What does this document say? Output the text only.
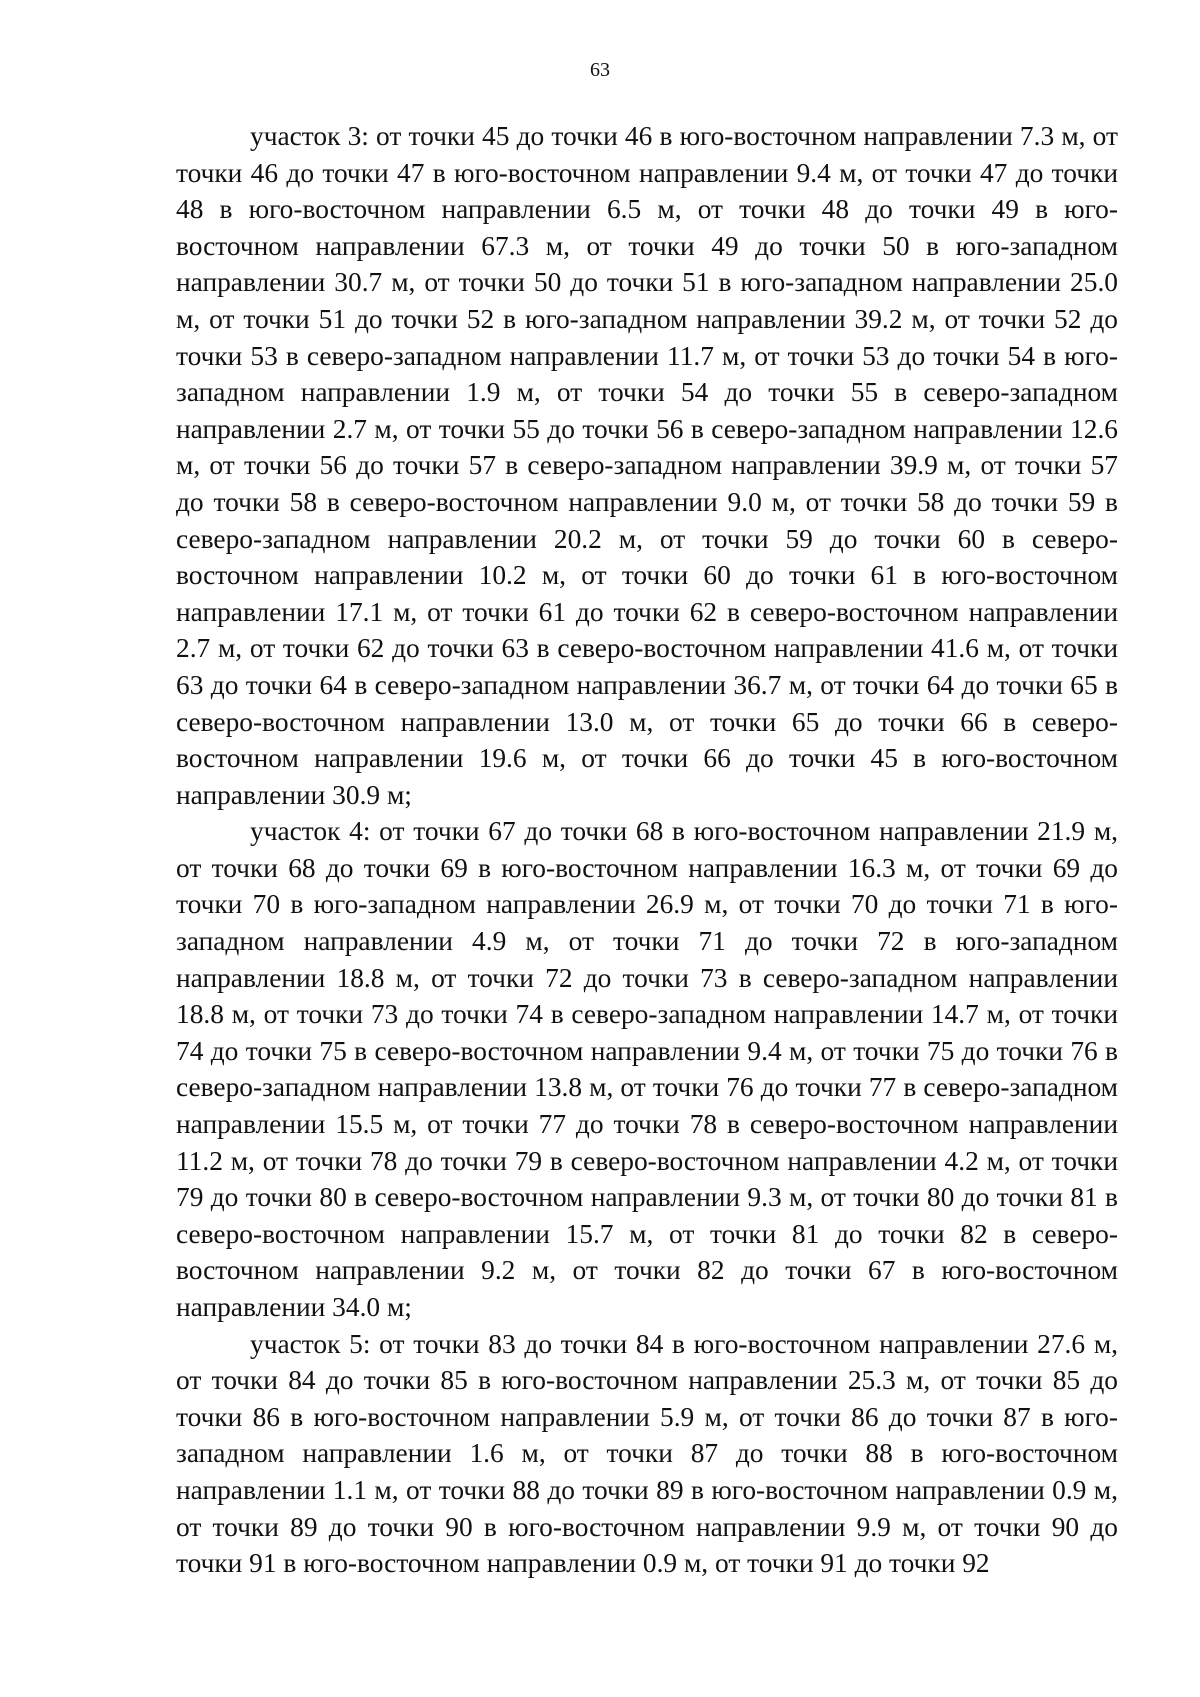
63

участок 3: от точки 45 до точки 46 в юго-восточном направлении 7.3 м, от точки 46 до точки 47 в юго-восточном направлении 9.4 м, от точки 47 до точки 48 в юго-восточном направлении 6.5 м, от точки 48 до точки 49 в юго-восточном направлении 67.3 м, от точки 49 до точки 50 в юго-западном направлении 30.7 м, от точки 50 до точки 51 в юго-западном направлении 25.0 м, от точки 51 до точки 52 в юго-западном направлении 39.2 м, от точки 52 до точки 53 в северо-западном направлении 11.7 м, от точки 53 до точки 54 в юго-западном направлении 1.9 м, от точки 54 до точки 55 в северо-западном направлении 2.7 м, от точки 55 до точки 56 в северо-западном направлении 12.6 м, от точки 56 до точки 57 в северо-западном направлении 39.9 м, от точки 57 до точки 58 в северо-восточном направлении 9.0 м, от точки 58 до точки 59 в северо-западном направлении 20.2 м, от точки 59 до точки 60 в северо-восточном направлении 10.2 м, от точки 60 до точки 61 в юго-восточном направлении 17.1 м, от точки 61 до точки 62 в северо-восточном направлении 2.7 м, от точки 62 до точки 63 в северо-восточном направлении 41.6 м, от точки 63 до точки 64 в северо-западном направлении 36.7 м, от точки 64 до точки 65 в северо-восточном направлении 13.0 м, от точки 65 до точки 66 в северо-восточном направлении 19.6 м, от точки 66 до точки 45 в юго-восточном направлении 30.9 м;

участок 4: от точки 67 до точки 68 в юго-восточном направлении 21.9 м, от точки 68 до точки 69 в юго-восточном направлении 16.3 м, от точки 69 до точки 70 в юго-западном направлении 26.9 м, от точки 70 до точки 71 в юго-западном направлении 4.9 м, от точки 71 до точки 72 в юго-западном направлении 18.8 м, от точки 72 до точки 73 в северо-западном направлении 18.8 м, от точки 73 до точки 74 в северо-западном направлении 14.7 м, от точки 74 до точки 75 в северо-восточном направлении 9.4 м, от точки 75 до точки 76 в северо-западном направлении 13.8 м, от точки 76 до точки 77 в северо-западном направлении 15.5 м, от точки 77 до точки 78 в северо-восточном направлении 11.2 м, от точки 78 до точки 79 в северо-восточном направлении 4.2 м, от точки 79 до точки 80 в северо-восточном направлении 9.3 м, от точки 80 до точки 81 в северо-восточном направлении 15.7 м, от точки 81 до точки 82 в северо-восточном направлении 9.2 м, от точки 82 до точки 67 в юго-восточном направлении 34.0 м;

участок 5: от точки 83 до точки 84 в юго-восточном направлении 27.6 м, от точки 84 до точки 85 в юго-восточном направлении 25.3 м, от точки 85 до точки 86 в юго-восточном направлении 5.9 м, от точки 86 до точки 87 в юго-западном направлении 1.6 м, от точки 87 до точки 88 в юго-восточном направлении 1.1 м, от точки 88 до точки 89 в юго-восточном направлении 0.9 м, от точки 89 до точки 90 в юго-восточном направлении 9.9 м, от точки 90 до точки 91 в юго-восточном направлении 0.9 м, от точки 91 до точки 92
